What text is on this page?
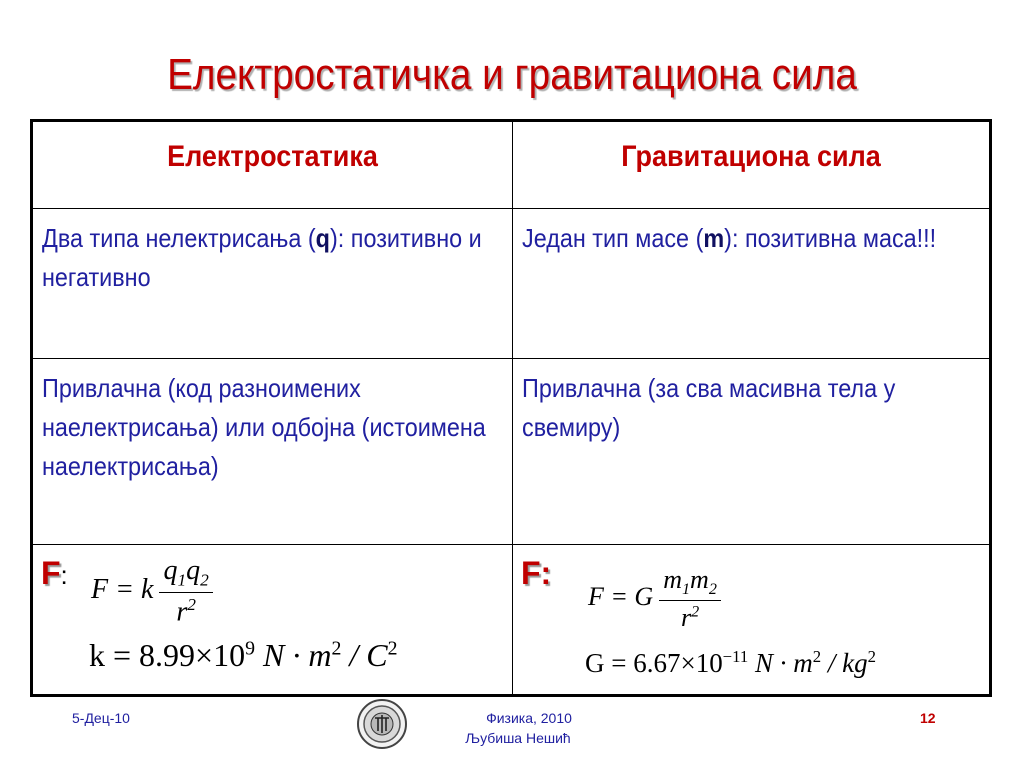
Електростатичка и гравитациона сила
Електростатика	Гравитациона сила
Два типа нелектрисања (q): позитивно и негативно
Један тип масе (m): позитивна маса!!!
Привлачна (код разноимених наелектрисања) или одбојна (истоимена наелектрисања)
Привлачна (за сва масивна тела у свемиру)
F: F = k $\frac{q_1q_2}{r^2}$
$k = 8.99\times 10^9$ $N \cdot m^2 / C^2$
F:
F = G $\frac{m_1m_2}{r^2}$
$G = 6.67\times 10^{-11}$ $N \cdot m^2 / kg^2$
5-Дец-10	Физика, 2010
Љубиша Нешић
12
